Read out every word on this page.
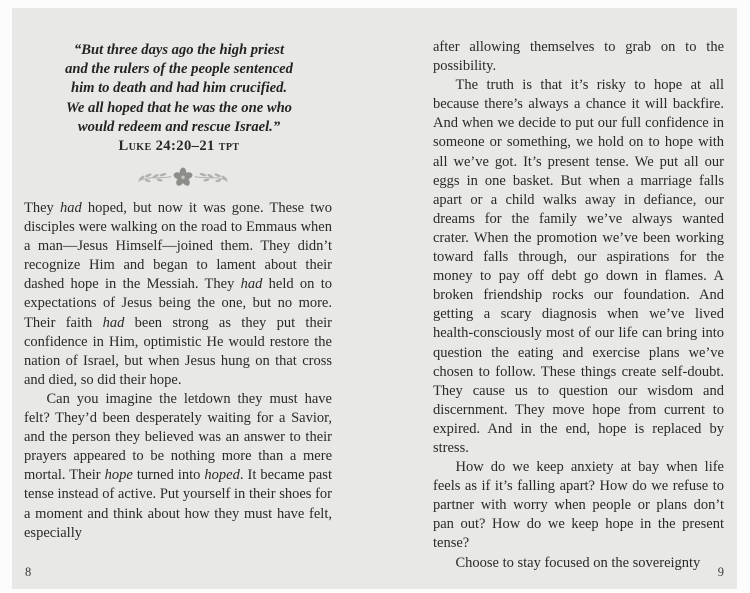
“But three days ago the high priest
and the rulers of the people sentenced
him to death and had him crucified.
We all hoped that he was the one who
would redeem and rescue Israel.”
Luke 24:20–21 tpt

They had hoped, but now it was gone. These two disciples were walking on the road to Emmaus when a man—Jesus Himself—joined them. They didn’t recognize Him and began to lament about their dashed hope in the Messiah. They had held on to expectations of Jesus being the one, but no more. Their faith had been strong as they put their confidence in Him, optimistic He would restore the nation of Israel, but when Jesus hung on that cross and died, so did their hope.

Can you imagine the letdown they must have felt? They’d been desperately waiting for a Savior, and the person they believed was an answer to their prayers appeared to be nothing more than a mere mortal. Their hope turned into hoped. It became past tense instead of active. Put yourself in their shoes for a moment and think about how they must have felt, especially

8

after allowing themselves to grab on to the possibility.

The truth is that it’s risky to hope at all because there’s always a chance it will backfire. And when we decide to put our full confidence in someone or something, we hold on to hope with all we’ve got. It’s present tense. We put all our eggs in one basket. But when a marriage falls apart or a child walks away in defiance, our dreams for the family we’ve always wanted crater. When the promotion we’ve been working toward falls through, our aspirations for the money to pay off debt go down in flames. A broken friendship rocks our foundation. And getting a scary diagnosis when we’ve lived health-consciously most of our life can bring into question the eating and exercise plans we’ve chosen to follow. These things create self-doubt. They cause us to question our wisdom and discernment. They move hope from current to expired. And in the end, hope is replaced by stress.

How do we keep anxiety at bay when life feels as if it’s falling apart? How do we refuse to partner with worry when people or plans don’t pan out? How do we keep hope in the present tense?

Choose to stay focused on the sovereignty

9
